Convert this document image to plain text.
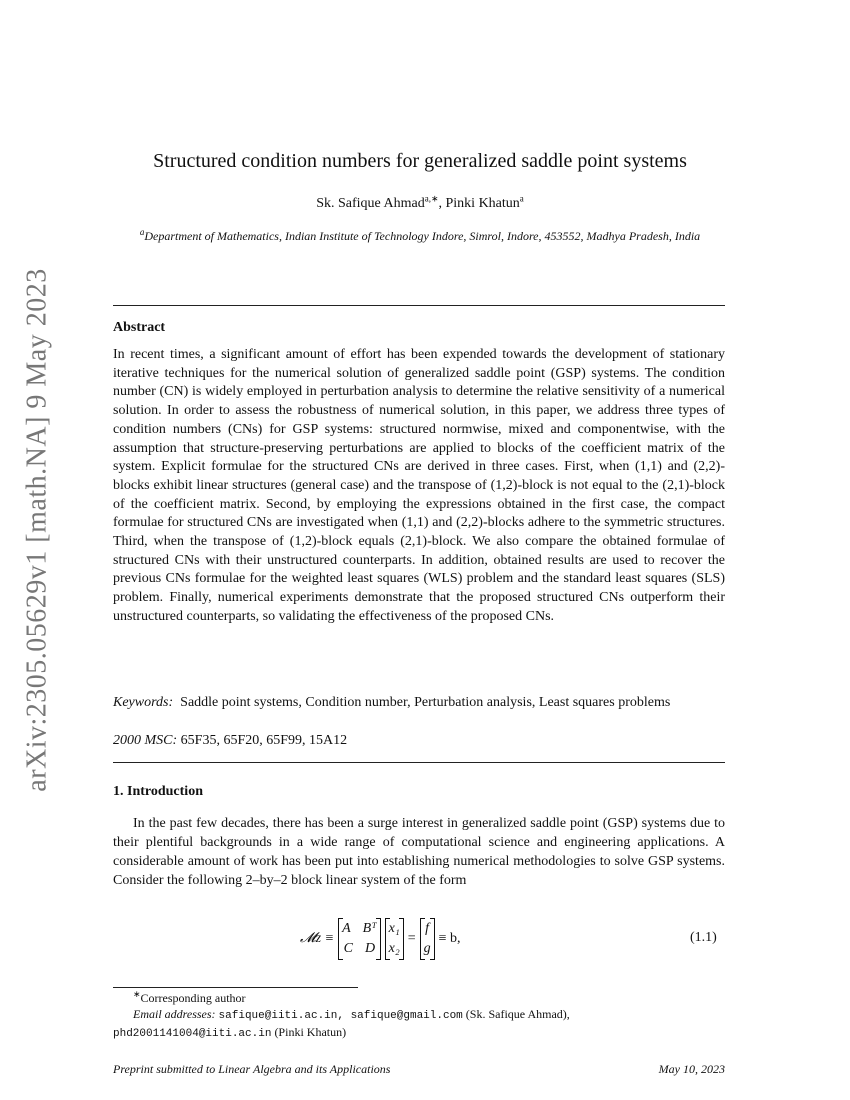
arXiv:2305.05629v1 [math.NA] 9 May 2023
Structured condition numbers for generalized saddle point systems
Sk. Safique Ahmad$^{a,∗}$, Pinki Khatun$^a$
$^a$Department of Mathematics, Indian Institute of Technology Indore, Simrol, Indore, 453552, Madhya Pradesh, India
Abstract
In recent times, a significant amount of effort has been expended towards the development of stationary iterative techniques for the numerical solution of generalized saddle point (GSP) systems. The condition number (CN) is widely employed in perturbation analysis to determine the relative sensitivity of a numerical solution. In order to assess the robustness of numerical solution, in this paper, we address three types of condition numbers (CNs) for GSP systems: structured normwise, mixed and componentwise, with the assumption that structure-preserving perturbations are applied to blocks of the coefficient matrix of the system. Explicit formulae for the structured CNs are derived in three cases. First, when (1,1) and (2,2)-blocks exhibit linear structures (general case) and the transpose of (1,2)-block is not equal to the (2,1)-block of the coefficient matrix. Second, by employing the expressions obtained in the first case, the compact formulae for structured CNs are investigated when (1,1) and (2,2)-blocks adhere to the symmetric structures. Third, when the transpose of (1,2)-block equals (2,1)-block. We also compare the obtained formulae of structured CNs with their unstructured counterparts. In addition, obtained results are used to recover the previous CNs formulae for the weighted least squares (WLS) problem and the standard least squares (SLS) problem. Finally, numerical experiments demonstrate that the proposed structured CNs outperform their unstructured counterparts, so validating the effectiveness of the proposed CNs.
Keywords: Saddle point systems, Condition number, Perturbation analysis, Least squares problems
2000 MSC: 65F35, 65F20, 65F99, 15A12
1. Introduction
In the past few decades, there has been a surge interest in generalized saddle point (GSP) systems due to their plentiful backgrounds in a wide range of computational science and engineering applications. A considerable amount of work has been put into establishing numerical methodologies to solve GSP systems. Consider the following 2–by–2 block linear system of the form
𝓜z ≡
A Bᵀ
C D
x₁
x₂
=
f
g
≡ b,	(1.1)
∗Corresponding author
Email addresses: safique@iiti.ac.in, safique@gmail.com (Sk. Safique Ahmad),
phd2001141004@iiti.ac.in (Pinki Khatun)
Preprint submitted to Linear Algebra and its Applications	May 10, 2023
